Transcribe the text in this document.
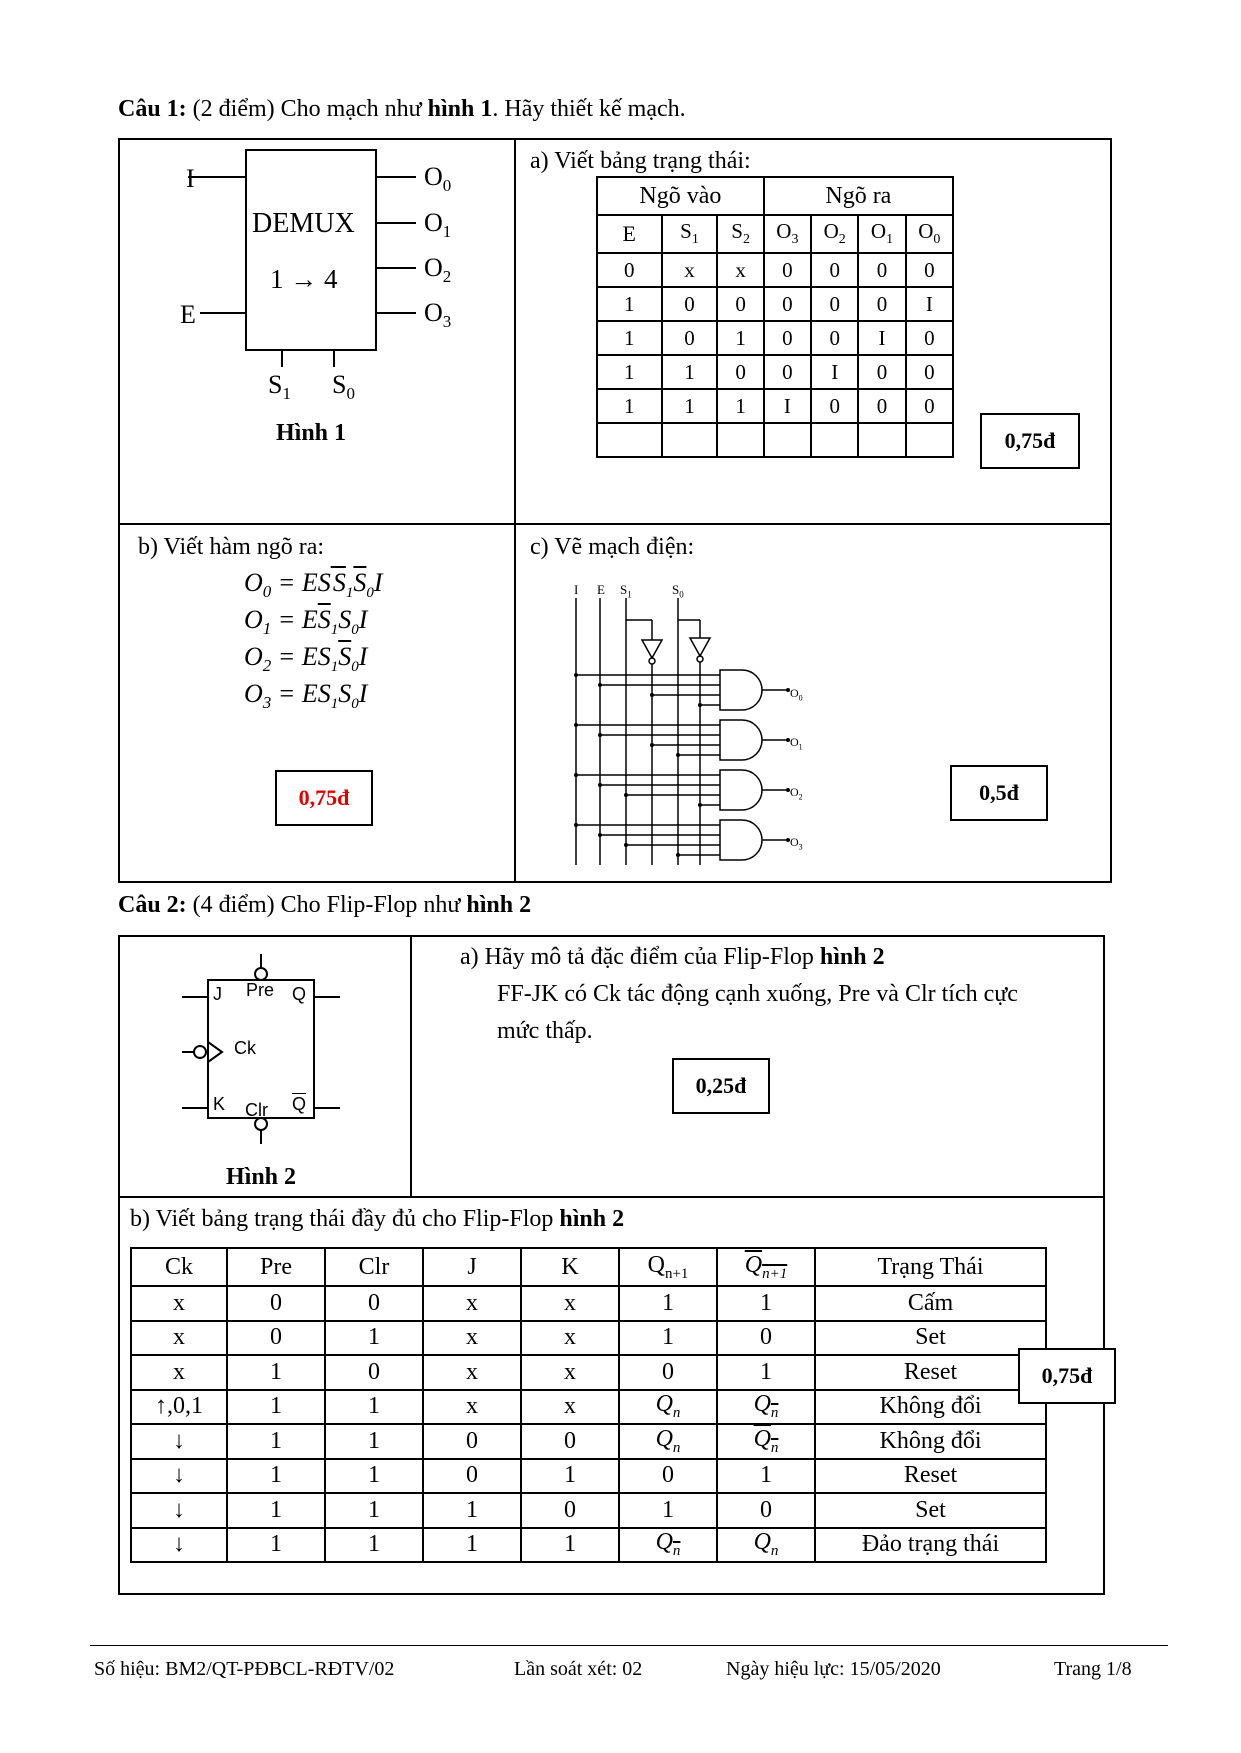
Câu 1: (2 điểm) Cho mạch như hình 1. Hãy thiết kế mạch.
I
E
DEMUX
1 → 4
$O_0$
$O_1$
$O_2$
$O_3$
$S_1$ $S_0$
Hình 1
a) Viết bảng trạng thái:
Ngõ vào			Ngõ ra			
E	$S_1$	$S_2$	$O_3$	$O_2$	$O_1$	$O_0$
0	x	x	0	0	0	0
1	0	0	0	0	0	I
1	0	1	0	0	I	0
1	1	0	0	I	0	0
1	1	1	I	0	0	0

0,75đ
b) Viết hàm ngõ ra:
$O_0$ = ES $\overline{S}_1\overline{S}_0I$
$O_1 = E\overline{S}_1S_0I$
$O_2 = ES_1\overline{S}_0I$
$O_3 = ES_1S_0I$
0,75đ
c) Vẽ mạch điện:
I E $S_1$	$S_0$
$O_0$
$O_1$
$O_2$
$O_3$
0,5đ
Câu 2: (4 điểm) Cho Flip-Flop như hình 2
J Pre Q
Ck
K Clr $\overline{Q}$
Hình 2
a) Hãy mô tả đặc điểm của Flip-Flop hình 2
FF-JK có Ck tác động cạnh xuống, Pre và Clr tích cực
mức thấp.
0,25đ
b) Viết bảng trạng thái đầy đủ cho Flip-Flop hình 2
Ck	Pre	Clr	J	K	$Q_{n+1}$	$Q_{n+1}$	Trạng Thái
x	0	0	x	x	1	1	Cấm
x	0	1	x	x	1	0	Set
x	1	0	x	x	0	1	Reset
↑,0,1	1	1	x	x	$Q_n$	$Q_n$	Không đổi
↓	1	1	0	0	$Q_n$	$Q_n$	Không đổi
↓	1	1	0	1	0	1	Reset
↓	1	1	1	0	1	0	Set
↓	1	1	1	1	$Q_n$	$Q_n$	Đảo trạng thái
0,75đ
Số hiệu: BM2/QT-PĐBCL-RĐTV/02	Lần soát xét: 02	Ngày hiệu lực: 15/05/2020	Trang 1/8
